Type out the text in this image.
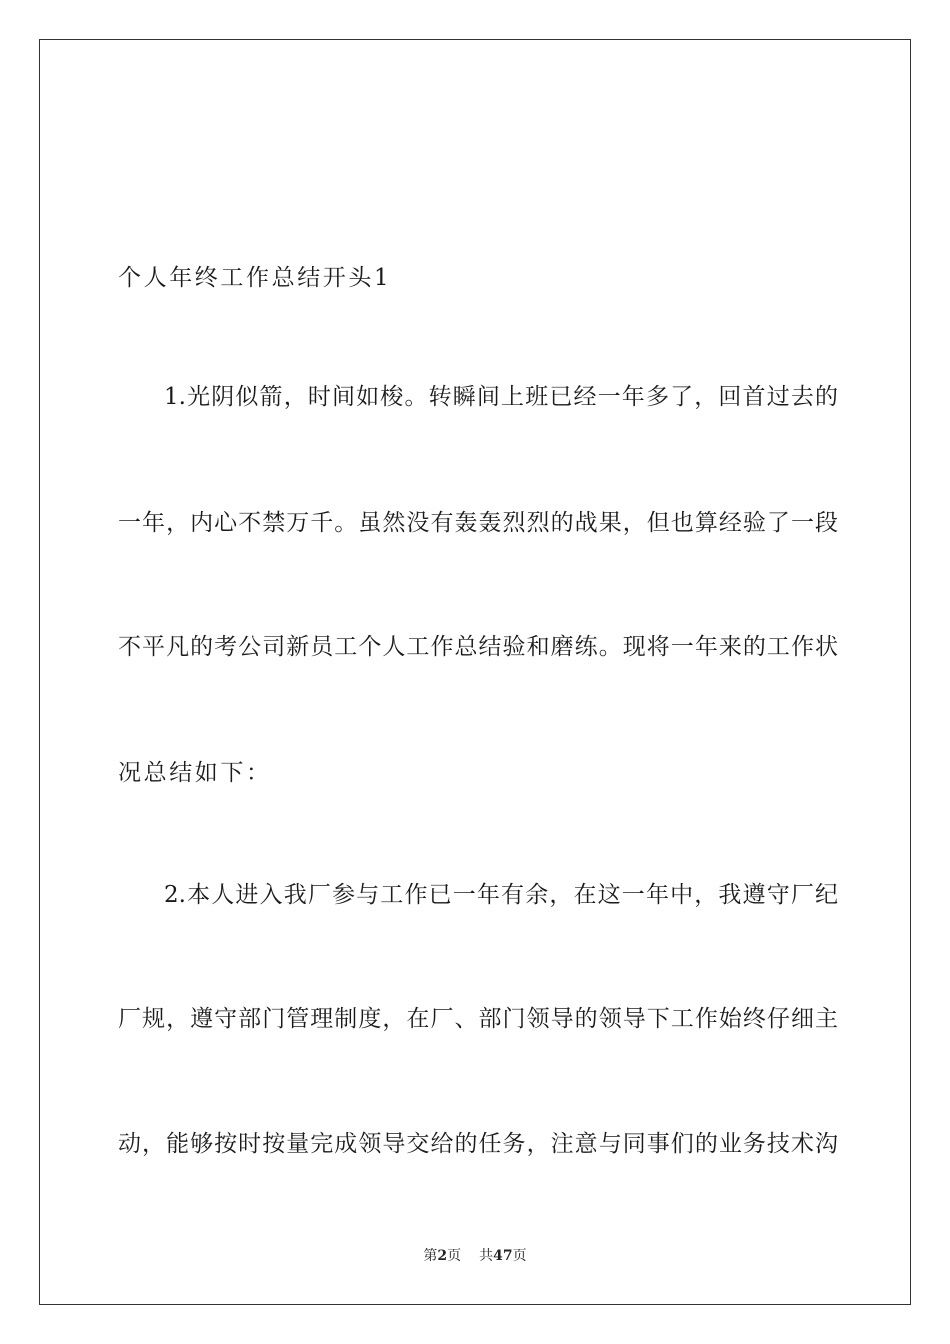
个人年终工作总结开头1
1.光阴似箭，时间如梭。转瞬间上班已经一年多了，回首过去的
一年，内心不禁万千。虽然没有轰轰烈烈的战果，但也算经验了一段
不平凡的考公司新员工个人工作总结验和磨练。现将一年来的工作状
况总结如下：
2.本人进入我厂参与工作已一年有余，在这一年中，我遵守厂纪
厂规，遵守部门管理制度，在厂、部门领导的领导下工作始终仔细主
动，能够按时按量完成领导交给的任务，注意与同事们的业务技术沟
第2页 共47页
